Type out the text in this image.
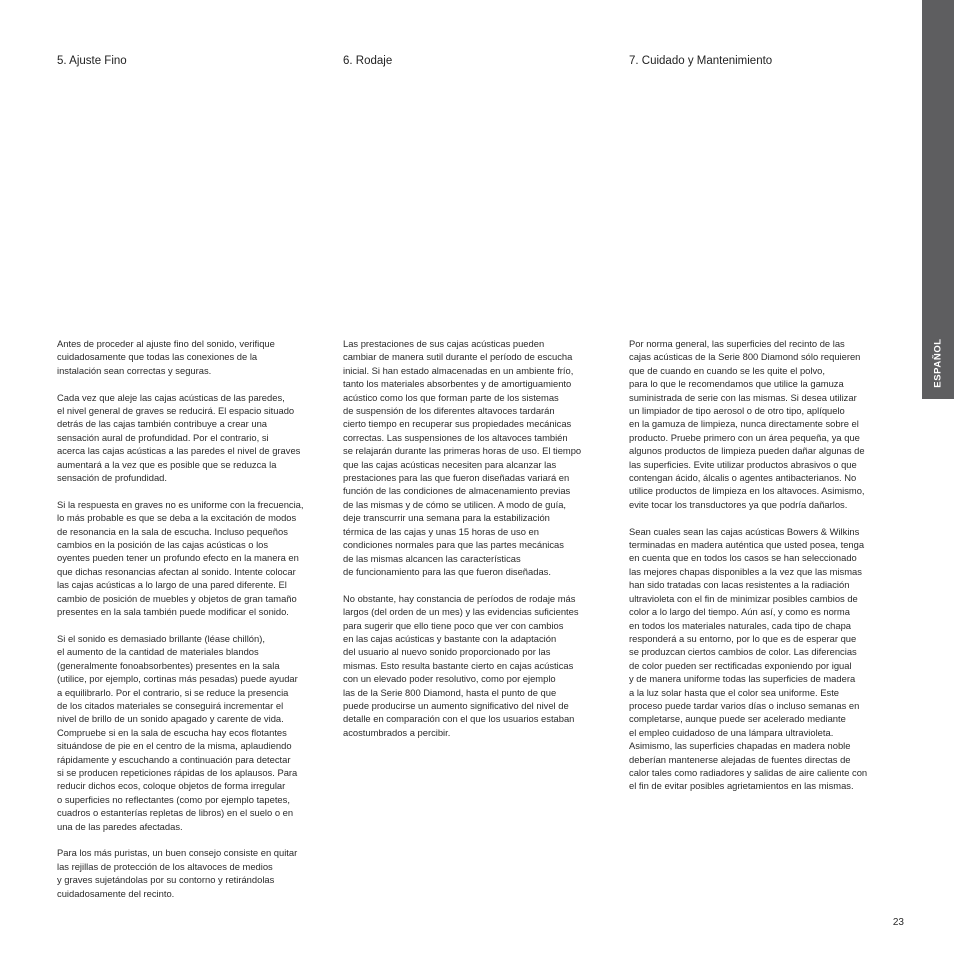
5. Ajuste Fino

Antes de proceder al ajuste fino del sonido, verifique
cuidadosamente que todas las conexiones de la
instalación sean correctas y seguras.

Cada vez que aleje las cajas acústicas de las paredes,
el nivel general de graves se reducirá. El espacio situado
detrás de las cajas también contribuye a crear una
sensación aural de profundidad. Por el contrario, si
acerca las cajas acústicas a las paredes el nivel de graves
aumentará a la vez que es posible que se reduzca la
sensación de profundidad.

Si la respuesta en graves no es uniforme con la frecuencia,
lo más probable es que se deba a la excitación de modos
de resonancia en la sala de escucha. Incluso pequeños
cambios en la posición de las cajas acústicas o los
oyentes pueden tener un profundo efecto en la manera en
que dichas resonancias afectan al sonido. Intente colocar
las cajas acústicas a lo largo de una pared diferente. El
cambio de posición de muebles y objetos de gran tamaño
presentes en la sala también puede modificar el sonido.

Si el sonido es demasiado brillante (léase chillón),
el aumento de la cantidad de materiales blandos
(generalmente fonoabsorbentes) presentes en la sala
(utilice, por ejemplo, cortinas más pesadas) puede ayudar
a equilibrarlo. Por el contrario, si se reduce la presencia
de los citados materiales se conseguirá incrementar el
nivel de brillo de un sonido apagado y carente de vida.
Compruebe si en la sala de escucha hay ecos flotantes
situándose de pie en el centro de la misma, aplaudiendo
rápidamente y escuchando a continuación para detectar
si se producen repeticiones rápidas de los aplausos. Para
reducir dichos ecos, coloque objetos de forma irregular
o superficies no reflectantes (como por ejemplo tapetes,
cuadros o estanterías repletas de libros) en el suelo o en
una de las paredes afectadas.

Para los más puristas, un buen consejo consiste en quitar
las rejillas de protección de los altavoces de medios
y graves sujetándolas por su contorno y retirándolas
cuidadosamente del recinto.

6. Rodaje

Las prestaciones de sus cajas acústicas pueden
cambiar de manera sutil durante el período de escucha
inicial. Si han estado almacenadas en un ambiente frío,
tanto los materiales absorbentes y de amortiguamiento
acústico como los que forman parte de los sistemas
de suspensión de los diferentes altavoces tardarán
cierto tiempo en recuperar sus propiedades mecánicas
correctas. Las suspensiones de los altavoces también
se relajarán durante las primeras horas de uso. El tiempo
que las cajas acústicas necesiten para alcanzar las
prestaciones para las que fueron diseñadas variará en
función de las condiciones de almacenamiento previas
de las mismas y de cómo se utilicen. A modo de guía,
deje transcurrir una semana para la estabilización
térmica de las cajas y unas 15 horas de uso en
condiciones normales para que las partes mecánicas
de las mismas alcancen las características
de funcionamiento para las que fueron diseñadas.

No obstante, hay constancia de períodos de rodaje más
largos (del orden de un mes) y las evidencias suficientes
para sugerir que ello tiene poco que ver con cambios
en las cajas acústicas y bastante con la adaptación
del usuario al nuevo sonido proporcionado por las
mismas. Esto resulta bastante cierto en cajas acústicas
con un elevado poder resolutivo, como por ejemplo
las de la Serie 800 Diamond, hasta el punto de que
puede producirse un aumento significativo del nivel de
detalle en comparación con el que los usuarios estaban
acostumbrados a percibir.

7. Cuidado y Mantenimiento

Por norma general, las superficies del recinto de las
cajas acústicas de la Serie 800 Diamond sólo requieren
que de cuando en cuando se les quite el polvo,
para lo que le recomendamos que utilice la gamuza
suministrada de serie con las mismas. Si desea utilizar
un limpiador de tipo aerosol o de otro tipo, aplíquelo
en la gamuza de limpieza, nunca directamente sobre el
producto. Pruebe primero con un área pequeña, ya que
algunos productos de limpieza pueden dañar algunas de
las superficies. Evite utilizar productos abrasivos o que
contengan ácido, álcalis o agentes antibacterianos. No
utilice productos de limpieza en los altavoces. Asimismo,
evite tocar los transductores ya que podría dañarlos.

Sean cuales sean las cajas acústicas Bowers & Wilkins
terminadas en madera auténtica que usted posea, tenga
en cuenta que en todos los casos se han seleccionado
las mejores chapas disponibles a la vez que las mismas
han sido tratadas con lacas resistentes a la radiación
ultravioleta con el fin de minimizar posibles cambios de
color a lo largo del tiempo. Aún así, y como es norma
en todos los materiales naturales, cada tipo de chapa
responderá a su entorno, por lo que es de esperar que
se produzcan ciertos cambios de color. Las diferencias
de color pueden ser rectificadas exponiendo por igual
y de manera uniforme todas las superficies de madera
a la luz solar hasta que el color sea uniforme. Este
proceso puede tardar varios días o incluso semanas en
completarse, aunque puede ser acelerado mediante
el empleo cuidadoso de una lámpara ultravioleta.
Asimismo, las superficies chapadas en madera noble
deberían mantenerse alejadas de fuentes directas de
calor tales como radiadores y salidas de aire caliente con
el fin de evitar posibles agrietamientos en las mismas.

ESPAÑOL
23
